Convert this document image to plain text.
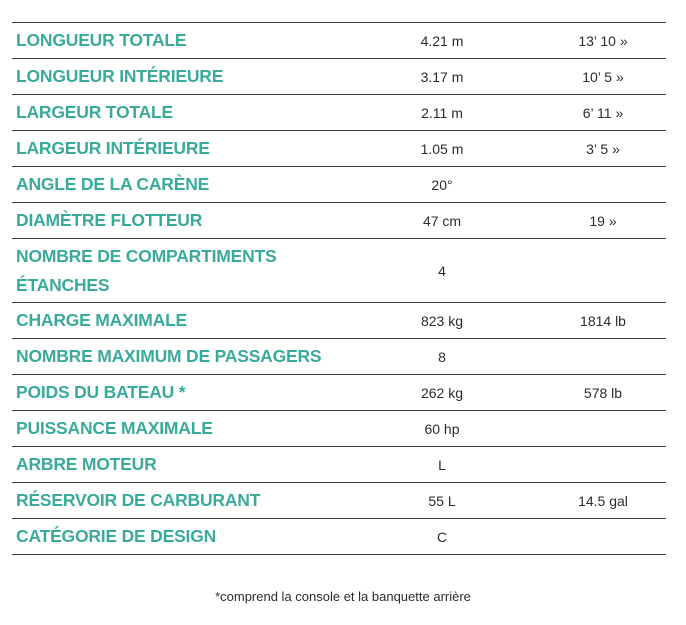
LONGUEUR TOTALE	4.21 m	13’ 10 »
LONGUEUR INTÉRIEURE	3.17 m	10’ 5 »
LARGEUR TOTALE	2.11 m	6’ 11 »
LARGEUR INTÉRIEURE	1.05 m	3’ 5 »
ANGLE DE LA CARÈNE	20°	
DIAMÈTRE FLOTTEUR	47 cm	19 »
NOMBRE DE COMPARTIMENTS ÉTANCHES	4	
CHARGE MAXIMALE	823 kg	1814 lb
NOMBRE MAXIMUM DE PASSAGERS	8	
POIDS DU BATEAU *	262 kg	578 lb
PUISSANCE MAXIMALE	60 hp	
ARBRE MOTEUR	L	
RÉSERVOIR DE CARBURANT	55 L	14.5 gal
CATÉGORIE DE DESIGN	C	
*comprend la console et la banquette arrière
